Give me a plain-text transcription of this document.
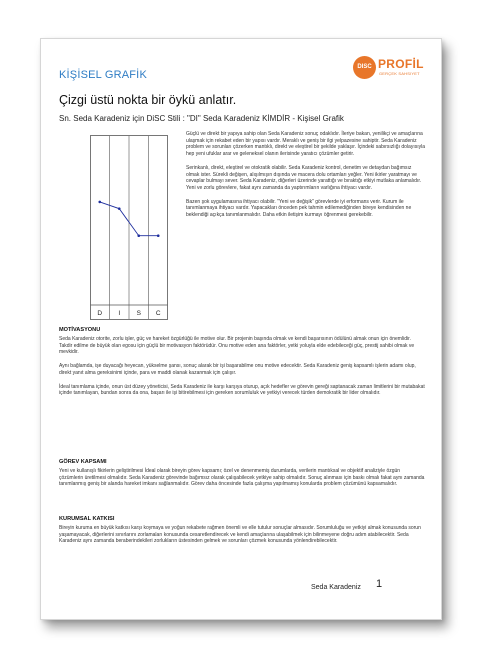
KİŞİSEL GRAFİK
DISC PROFİL
GERÇEK SAHSIYET
Çizgi üstü nokta bir öykü anlatır.
Sn. Seda Karadeniz için DiSC Stili : "DI" Seda Karadeniz KİMDİR - Kişisel Grafik
D I	S C

Güçlü ve direkt bir yapıya sahip olan Seda Karadeniz sonuç odaklıdır. İleriye bakan, yenilikçi ve amaçlarına ulaşmak için rekabet eden bir yapısı vardır. Meraklı ve geniş bir ilgi yelpazesine sahiptir. Seda Karadeniz problem ve sorunları çözerken mantıklı, direkt ve eleştirel bir şekilde yaklaşır. İçindeki sabırsızlığı dolayısıyla hep yeni ufuklar arar ve geleneksel olanın ilerisinde yaratıcı çözümler getirir.

Serinkanlı, direkt, eleştirel ve otokratik olabilir. Seda Karadeniz kontrol, denetim ve detaydan bağımsız olmak ister. Sürekli değişen, alışılmışın dışında ve macera dolu ortamları yeğler. Yeni ikirler yaratmayı ve cevaplar bulmayı sever. Seda Karadeniz, diğerleri üzerinde yarattığı ve bıraktığı etkiyi mutlaka anlamalıdır. Yeni ve zorlu görevlere, fakat aynı zamanda da yaptırımların varlığına ihtiyacı vardır.

Bazen şok uygulamasına ihtiyacı olabilir. "Yeni ve değişik" görevlerde iyi erformans verir. Kurum ile tanımlanmaya ihtiyacı vardır. Yapacakları önceden pek tahmin edilemediğinden bireye kendisinden ne beklendiği açıkça tanımlanmalıdır. Daha etkin iletişim kurmayı öğrenmesi gerekebilir.

MOTİVASYONU

Seda Karadeniz otorite, zorlu işler, güç ve hareket özgürlüğü ile motive olur. Bir projenin başında olmak ve kendi başarısının ödülünü almak onun için önemlidir. Takdir edilme de büyük olan egosu için güçlü bir motivasyon faktörüdür. Onu motive eden ana faktörler, yetki yoluyla elde edebileceği güç, prestij sahibi olmak ve mevkidir.

Aynı bağlamda, işe duyacağı heyecan, yükselme şansı, sonuç alarak bir işi başarabilme onu motive edecektir. Seda Karadeniz geniş kapsamlı işlerin adamı olup, direkt yanıt alma gereksinimi içinde, para ve maddi olanak kazanmak için çalışır.

İdeal tanımlama içinde, onun üst düzey yöneticisi, Seda Karadeniz ile karşı karşıya oturup, açık hedefler ve görevin gereği saptanacak zaman limitlerini bir mutabakat içinde tanımlayan, bundan sonra da ona, başarı ile işi bitirebilmesi için gereken sorumluluk ve yetkiyi verecek türden demokratik bir lider olmalıdır.

GÖREV KAPSAMI

Yeni ve kullanışlı fikirlerin geliştirilmesi İdeal olarak bireyin görev kapsamı; özel ve denenmemiş durumlarda, verilerin mantıksal ve objektif analiziyle özgün çözümlerin üretilmesi olmalıdır. Seda Karadeniz görevinde bağımsız olarak çalışabilecek yetkiye sahip olmalıdır. Sonuç alınması için baskı olmalı fakat aynı zamanda tanımlanmış geniş bir alanda hareket imkanı sağlanmalıdır. Görev daha öncesinde fazla çalışma yapılmamış konularda problem çözümünü kapsamalıdır.

KURUMSAL KATKISI

Bireyin kuruma en büyük katkısı karşı koymaya ve yoğun rekabete rağmen önemli ve elle tutulur sonuçlar almasıdır. Sorumluluğu ve yetkiyi almak konusunda sorun yaşamayacak, diğerlerini sınırlarını zorlamaları konusunda cesaretlendirecek ve kendi amaçlarına ulaşabilmek için bilinmeyene doğru adım atabilecektir. Seda Karadeniz aynı zamanda beraberindekileri zorlukların üstesinden gelmek ve sorunları çözmek konusunda yönlendirebilecektir.

Seda Karadeniz 1
